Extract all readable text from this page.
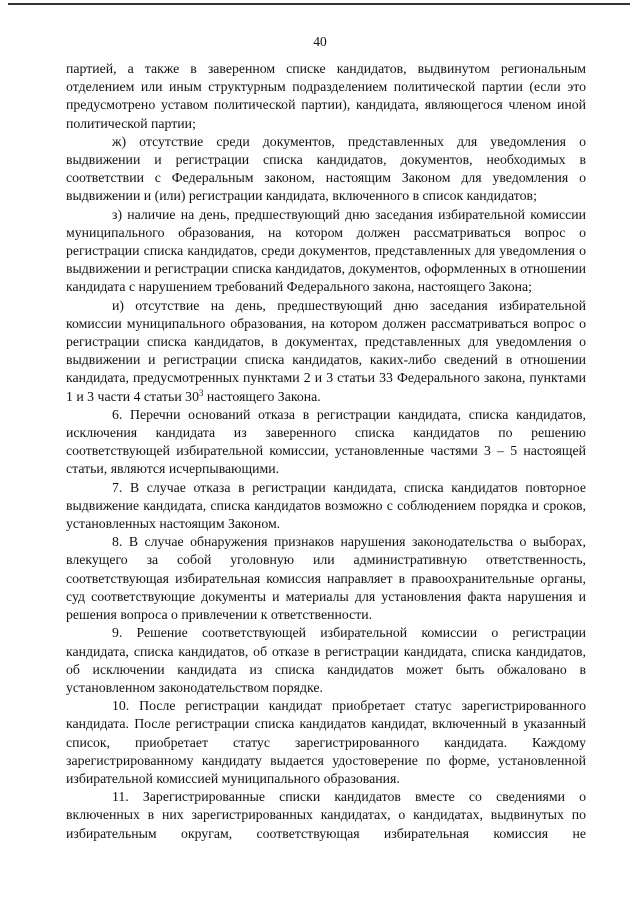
40

партией, а также в заверенном списке кандидатов, выдвинутом региональным отделением или иным структурным подразделением политической партии (если это предусмотрено уставом политической партии), кандидата, являющегося членом иной политической партии;

ж) отсутствие среди документов, представленных для уведомления о выдвижении и регистрации списка кандидатов, документов, необходимых в соответствии с Федеральным законом, настоящим Законом для уведомления о выдвижении и (или) регистрации кандидата, включенного в список кандидатов;

з) наличие на день, предшествующий дню заседания избирательной комиссии муниципального образования, на котором должен рассматриваться вопрос о регистрации списка кандидатов, среди документов, представленных для уведомления о выдвижении и регистрации списка кандидатов, документов, оформленных в отношении кандидата с нарушением требований Федерального закона, настоящего Закона;

и) отсутствие на день, предшествующий дню заседания избирательной комиссии муниципального образования, на котором должен рассматриваться вопрос о регистрации списка кандидатов, в документах, представленных для уведомления о выдвижении и регистрации списка кандидатов, каких-либо сведений в отношении кандидата, предусмотренных пунктами 2 и 3 статьи 33 Федерального закона, пунктами 1 и 3 части 4 статьи $30^3$ настоящего Закона.

6. Перечни оснований отказа в регистрации кандидата, списка кандидатов, исключения кандидата из заверенного списка кандидатов по решению соответствующей избирательной комиссии, установленные частями 3 – 5 настоящей статьи, являются исчерпывающими.

7. В случае отказа в регистрации кандидата, списка кандидатов повторное выдвижение кандидата, списка кандидатов возможно с соблюдением порядка и сроков, установленных настоящим Законом.

8. В случае обнаружения признаков нарушения законодательства о выборах, влекущего за собой уголовную или административную ответственность, соответствующая избирательная комиссия направляет в правоохранительные органы, суд соответствующие документы и материалы для установления факта нарушения и решения вопроса о привлечении к ответственности.

9. Решение соответствующей избирательной комиссии о регистрации кандидата, списка кандидатов, об отказе в регистрации кандидата, списка кандидатов, об исключении кандидата из списка кандидатов может быть обжаловано в установленном законодательством порядке.

10. После регистрации кандидат приобретает статус зарегистрированного кандидата. После регистрации списка кандидатов кандидат, включенный в указанный список, приобретает статус зарегистрированного кандидата. Каждому зарегистрированному кандидату выдается удостоверение по форме, установленной избирательной комиссией муниципального образования.

11. Зарегистрированные списки кандидатов вместе со сведениями о включенных в них зарегистрированных кандидатах, о кандидатах, выдвинутых по избирательным округам, соответствующая избирательная комиссия не
